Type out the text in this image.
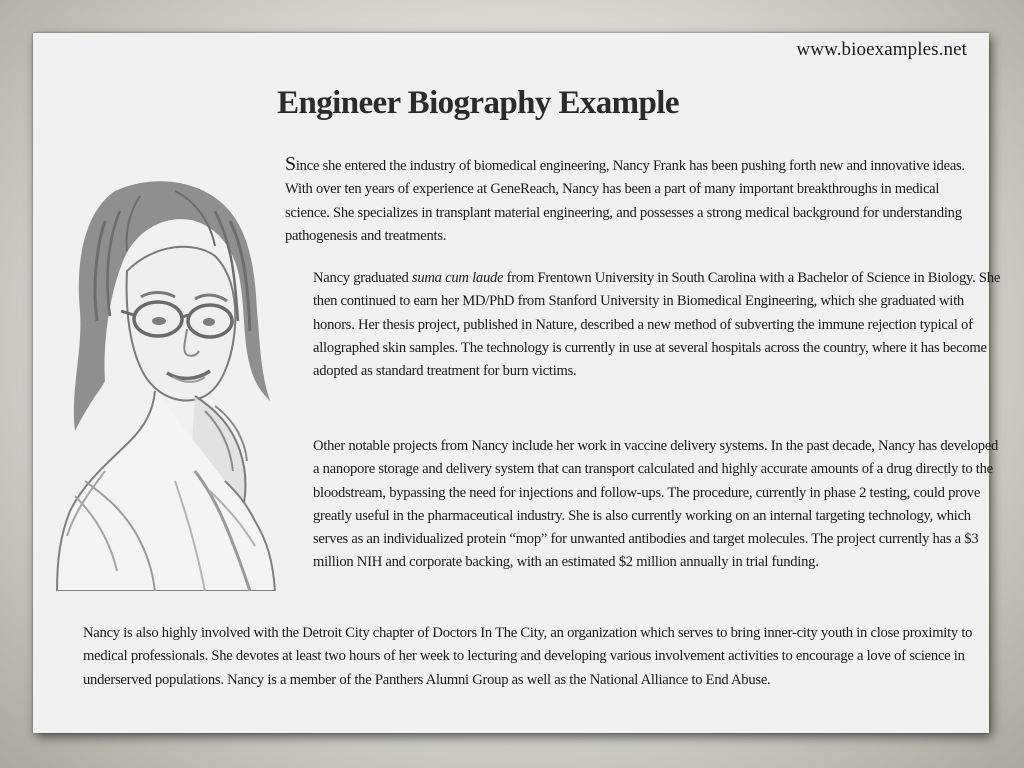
www.bioexamples.net
Engineer Biography Example

Since she entered the industry of biomedical engineering, Nancy Frank has been pushing forth new and innovative ideas. With over ten years of experience at GeneReach, Nancy has been a part of many important breakthroughs in medical science. She specializes in transplant material engineering, and possesses a strong medical background for understanding pathogenesis and treatments.

Nancy graduated suma cum laude from Frentown University in South Carolina with a Bachelor of Science in Biology. She then continued to earn her MD/PhD from Stanford University in Biomedical Engineering, which she graduated with honors. Her thesis project, published in Nature, described a new method of subverting the immune rejection typical of allographed skin samples. The technology is currently in use at several hospitals across the country, where it has become adopted as standard treatment for burn victims.

Other notable projects from Nancy include her work in vaccine delivery systems. In the past decade, Nancy has developed a nanopore storage and delivery system that can transport calculated and highly accurate amounts of a drug directly to the bloodstream, bypassing the need for injections and follow-ups. The procedure, currently in phase 2 testing, could prove greatly useful in the pharmaceutical industry. She is also currently working on an internal targeting technology, which serves as an individualized protein “mop” for unwanted antibodies and target molecules. The project currently has a $3 million NIH and corporate backing, with an estimated $2 million annually in trial funding.

Nancy is also highly involved with the Detroit City chapter of Doctors In The City, an organization which serves to bring inner-city youth in close proximity to medical professionals. She devotes at least two hours of her week to lecturing and developing various involvement activities to encourage a love of science in underserved populations. Nancy is a member of the Panthers Alumni Group as well as the National Alliance to End Abuse.
